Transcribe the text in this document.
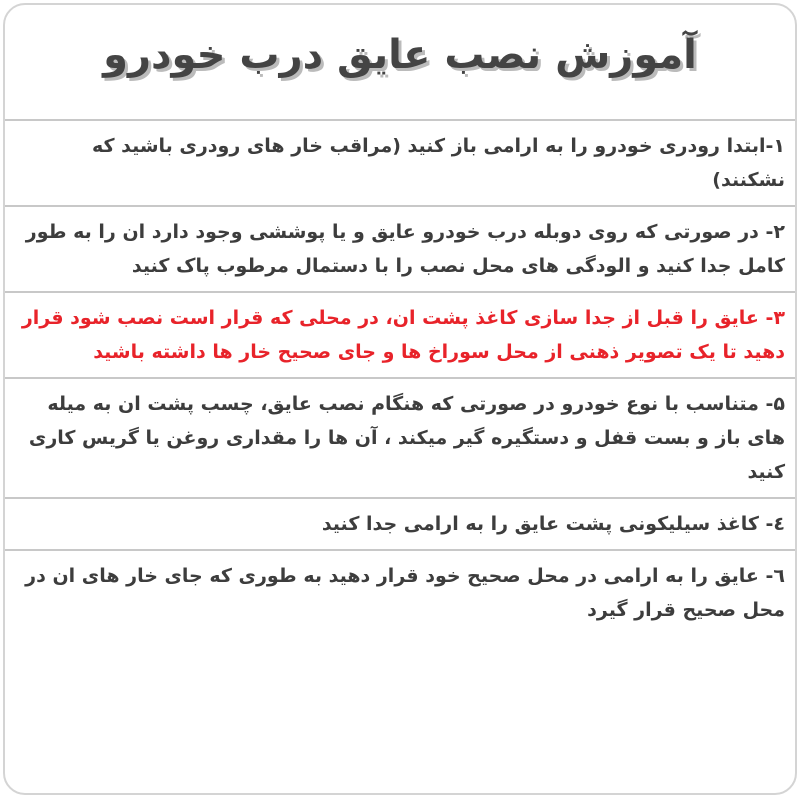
آموزش نصب عایق درب خودرو

۱-ابتدا رودری خودرو را به ارامی باز کنید (مراقب خار های رودری باشید که نشکنند)

۲- در صورتی که روی دوبله درب خودرو عایق و یا پوششی وجود دارد ان را به طور کامل جدا کنید و الودگی های محل نصب را با دستمال مرطوب پاک کنید

۳- عایق را قبل از جدا سازی کاغذ پشت ان، در محلی که قرار است نصب شود قرار دهید تا یک تصویر ذهنی از محل سوراخ ها و جای صحیح خار ها داشته باشید

۵- متناسب با نوع خودرو در صورتی که هنگام نصب عایق، چسب پشت ان به میله های باز و بست قفل و دستگیره گیر میکند ، آن ها را مقداری روغن یا گریس کاری کنید

٤- کاغذ سیلیکونی پشت عایق را به ارامی جدا کنید

٦- عایق را به ارامی در محل صحیح خود قرار دهید به طوری که جای خار های ان در محل صحیح قرار گیرد
